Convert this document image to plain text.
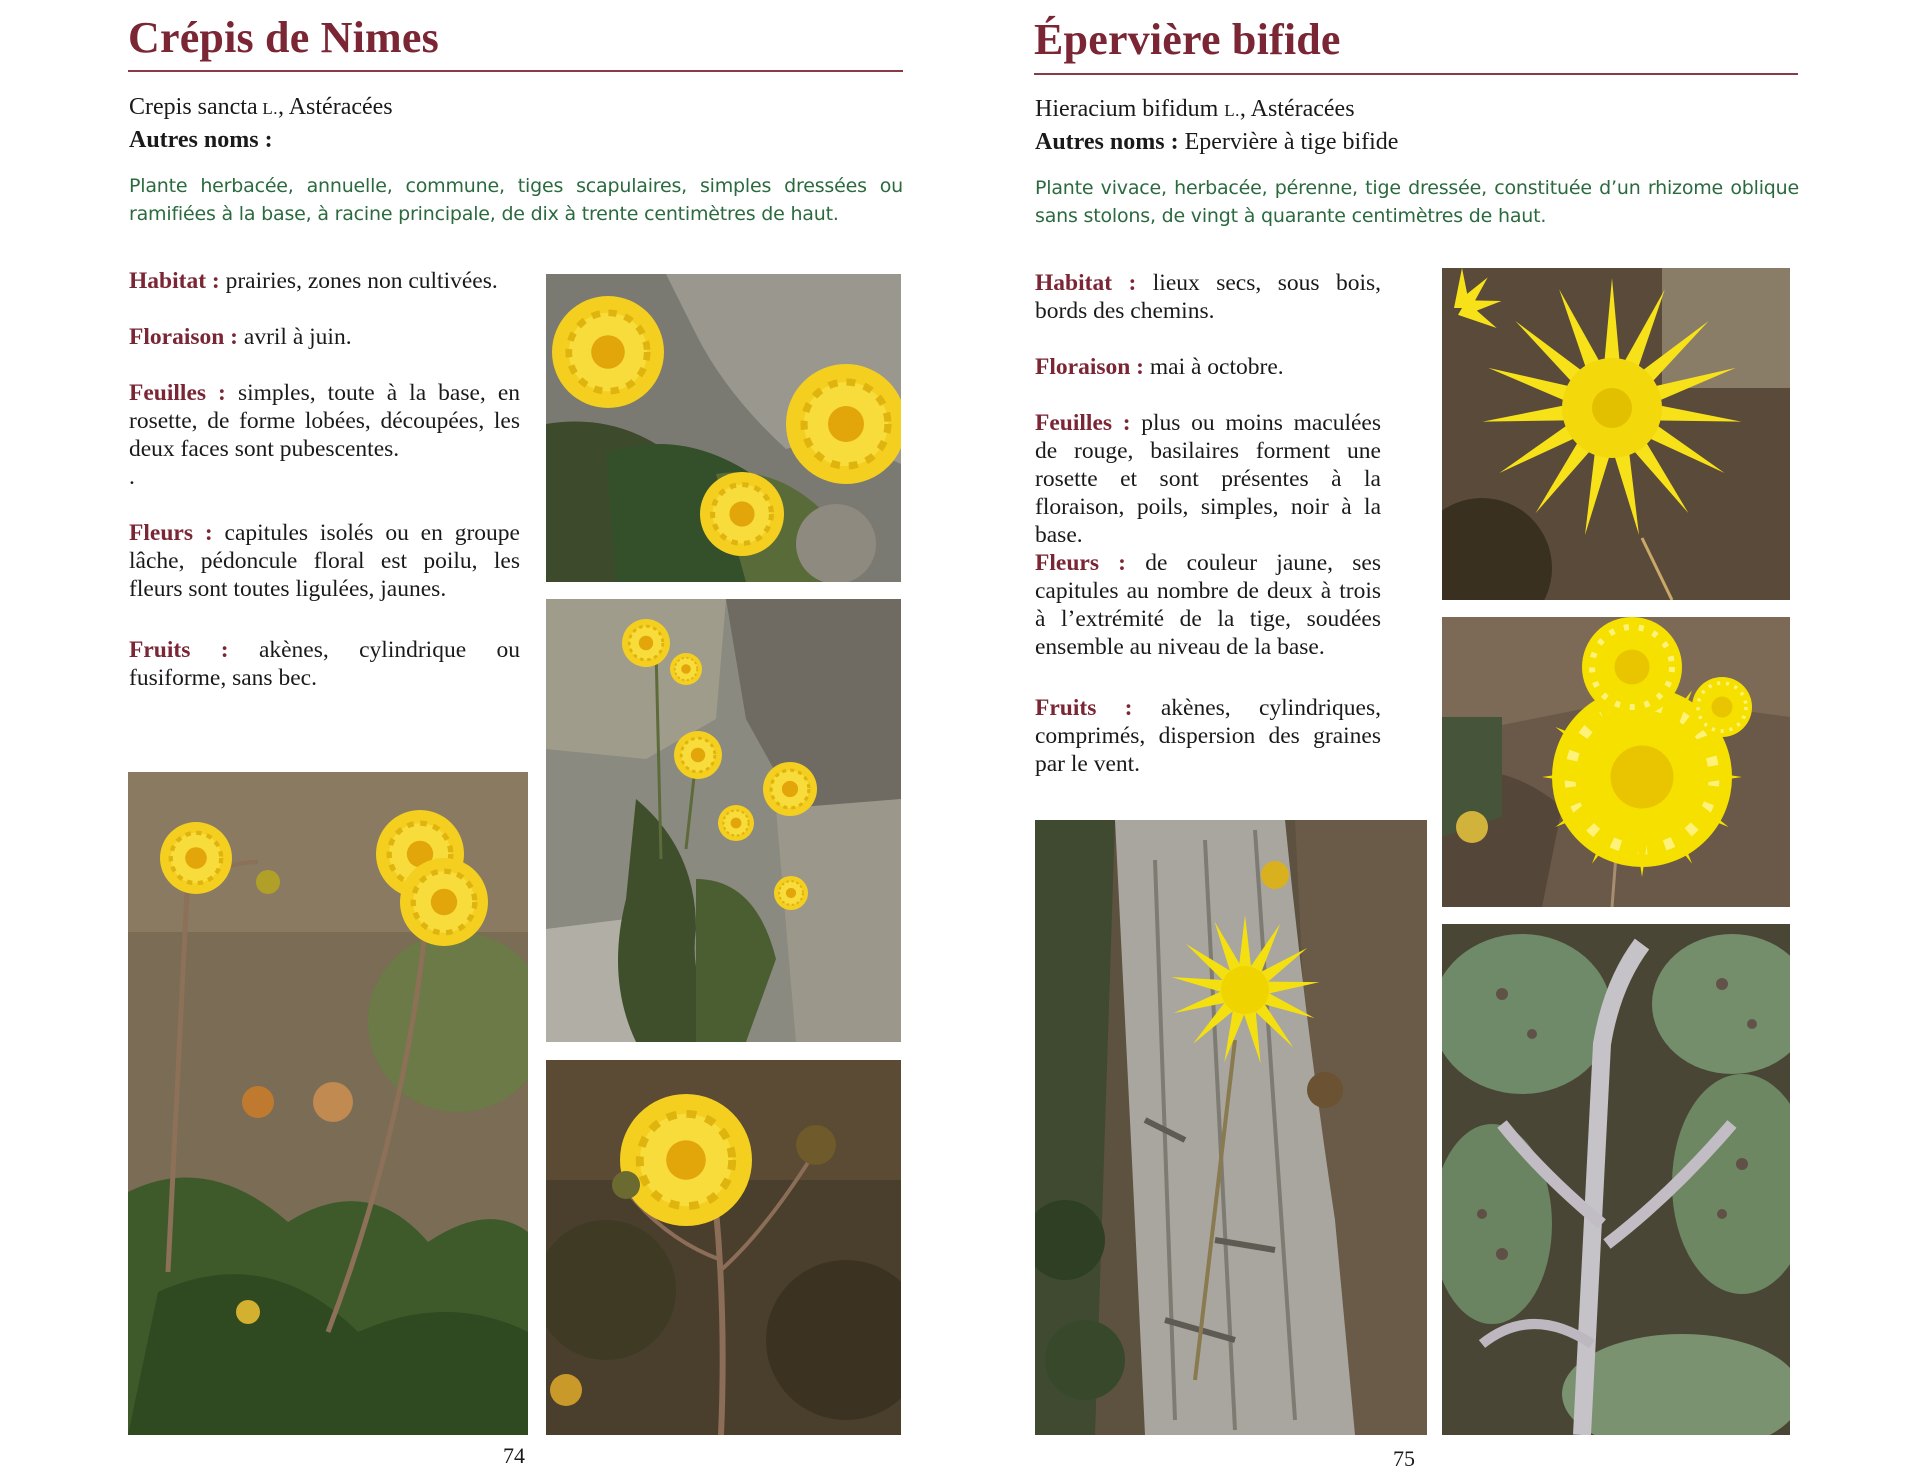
Crépis de Nimes
Crepis sancta L., Astéracées
Autres noms :

Plante herbacée, annuelle, commune, tiges scapulaires, simples dressées ou ramifiées à la base, à racine principale, de dix à trente centimètres de haut.

Habitat : prairies, zones non cultivées.
Floraison : avril à juin.
Feuilles : simples, toute à la base, en rosette, de forme lobées, découpées, les deux faces sont pubescentes.
.
Fleurs : capitules isolés ou en groupe lâche, pédoncule floral est poilu, les fleurs sont toutes ligulées, jaunes.
Fruits : akènes, cylindrique ou fusiforme, sans bec.
74
Épervière bifide
Hieracium bifidum L., Astéracées
Autres noms : Epervière à tige bifide

Plante vivace, herbacée, pérenne, tige dressée, constituée d’un rhizome oblique sans stolons, de vingt à quarante centimètres de haut.

Habitat : lieux secs, sous bois, bords des chemins.
Floraison : mai à octobre.
Feuilles : plus ou moins maculées de rouge, basilaires forment une rosette et sont présentes à la floraison, poils, simples, noir à la base.
Fleurs : de couleur jaune, ses capitules au nombre de deux à trois à l’extrémité de la tige, soudées ensemble au niveau de la base.
Fruits : akènes, cylindriques, comprimés, dispersion des graines par le vent.
75
